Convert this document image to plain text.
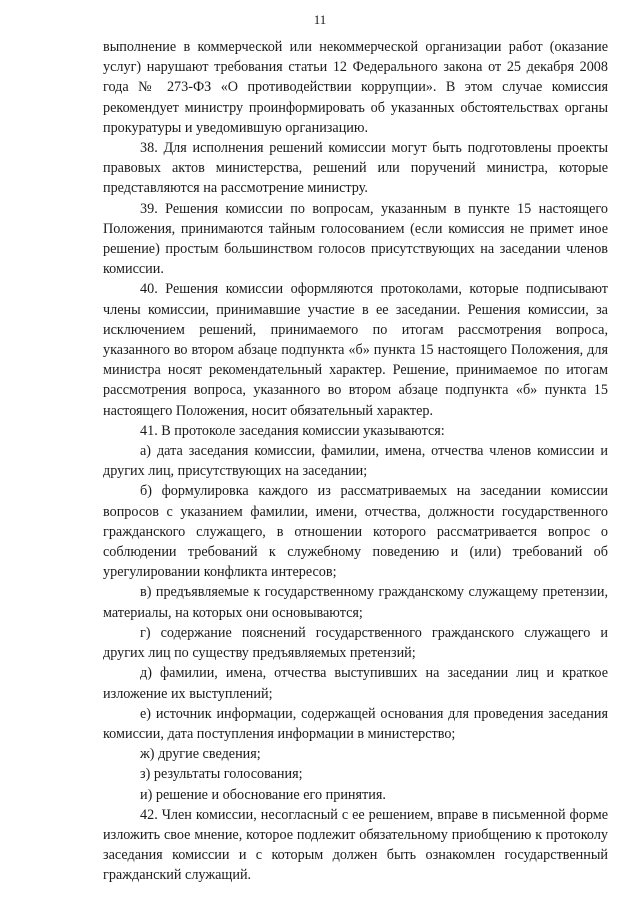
11

выполнение в коммерческой или некоммерческой организации работ (оказание услуг) нарушают требования статьи 12 Федерального закона от 25 декабря 2008 года № 273-ФЗ «О противодействии коррупции». В этом случае комиссия рекомендует министру проинформировать об указанных обстоятельствах органы прокуратуры и уведомившую организацию.

38. Для исполнения решений комиссии могут быть подготовлены проекты правовых актов министерства, решений или поручений министра, которые представляются на рассмотрение министру.

39. Решения комиссии по вопросам, указанным в пункте 15 настоящего Положения, принимаются тайным голосованием (если комиссия не примет иное решение) простым большинством голосов присутствующих на заседании членов комиссии.

40. Решения комиссии оформляются протоколами, которые подписывают члены комиссии, принимавшие участие в ее заседании. Решения комиссии, за исключением решений, принимаемого по итогам рассмотрения вопроса, указанного во втором абзаце подпункта «б» пункта 15 настоящего Положения, для министра носят рекомендательный характер. Решение, принимаемое по итогам рассмотрения вопроса, указанного во втором абзаце подпункта «б» пункта 15 настоящего Положения, носит обязательный характер.

41. В протоколе заседания комиссии указываются:

а) дата заседания комиссии, фамилии, имена, отчества членов комиссии и других лиц, присутствующих на заседании;

б) формулировка каждого из рассматриваемых на заседании комиссии вопросов с указанием фамилии, имени, отчества, должности государственного гражданского служащего, в отношении которого рассматривается вопрос о соблюдении требований к служебному поведению и (или) требований об урегулировании конфликта интересов;

в) предъявляемые к государственному гражданскому служащему претензии, материалы, на которых они основываются;

г) содержание пояснений государственного гражданского служащего и других лиц по существу предъявляемых претензий;

д) фамилии, имена, отчества выступивших на заседании лиц и краткое изложение их выступлений;

е) источник информации, содержащей основания для проведения заседания комиссии, дата поступления информации в министерство;

ж) другие сведения;

з) результаты голосования;

и) решение и обоснование его принятия.

42. Член комиссии, несогласный с ее решением, вправе в письменной форме изложить свое мнение, которое подлежит обязательному приобщению к протоколу заседания комиссии и с которым должен быть ознакомлен государственный гражданский служащий.
